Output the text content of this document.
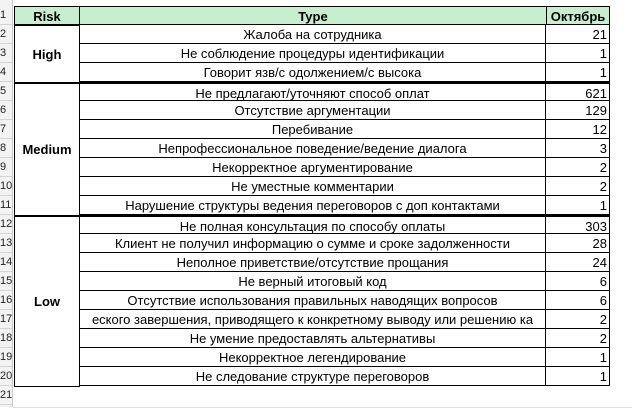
1
2
3
4
5
6
7
8
9
10
11
12
13
14
15
16
17
18
19
20
21
Risk	Type	Октябрь
High
Жалоба на сотрудника	21
Не соблюдение процедуры идентификации	1
Говорит язв/с одолжением/с высока	1
Medium
Не предлагают/уточняют способ оплат	621
Отсутствие аргументации	129
Перебивание	12
Непрофессиональное поведение/ведение диалога	3
Некорректное аргументирование	2
Не уместные комментарии	2
Нарушение структуры ведения переговоров с доп контактами	1
Low
Не полная консультация по способу оплаты	303
Клиент не получил информацию о сумме и сроке задолженности	28
Неполное приветствие/отсутствие прощания	24
Не верный итоговый код	6
Отсутствие использования правильных наводящих вопросов	6
еского завершения, приводящего к конкретному выводу или решению ка	2
Не умение предоставлять альтернативы	2
Некорректное легендирование	1
Не следование структуре переговоров	1
